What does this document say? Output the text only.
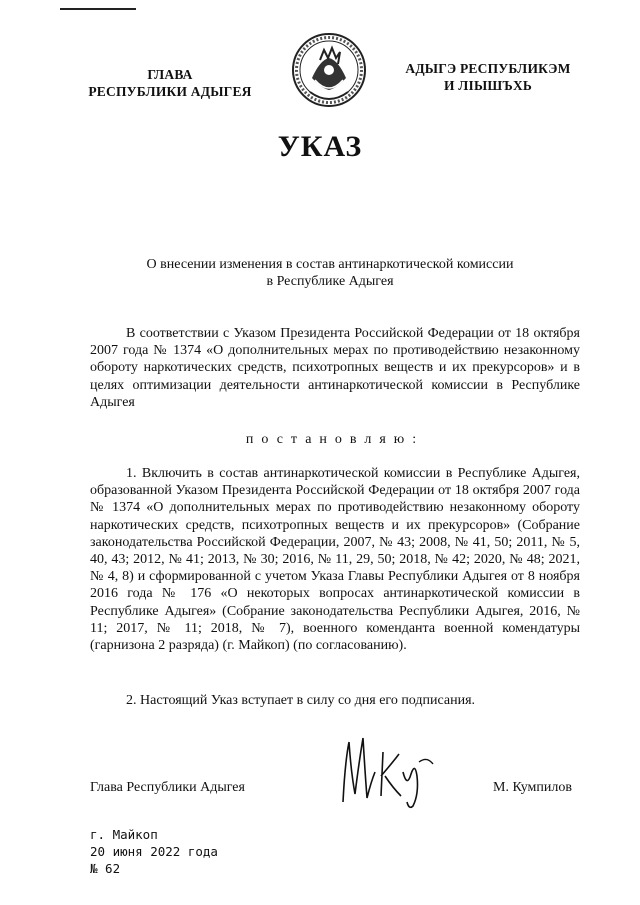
ГЛАВА
РЕСПУБЛИКИ АДЫГЕЯ
АДЫГЭ РЕСПУБЛИКЭМ
И ЛІЫШЪХЬ
УКАЗ
О внесении изменения в состав антинаркотической комиссии
в Республике Адыгея
В соответствии с Указом Президента Российской Федерации от 18 октября 2007 года № 1374 «О дополнительных мерах по противодействию незаконному обороту наркотических средств, психотропных веществ и их прекурсоров» и в целях оптимизации деятельности антинаркотической комиссии в Республике Адыгея
постановляю:
1. Включить в состав антинаркотической комиссии в Республике Адыгея, образованной Указом Президента Российской Федерации от 18 октября 2007 года № 1374 «О дополнительных мерах по противодействию незаконному обороту наркотических средств, психотропных веществ и их прекурсоров» (Собрание законодательства Российской Федерации, 2007, № 43; 2008, № 41, 50; 2011, № 5, 40, 43; 2012, № 41; 2013, № 30; 2016, № 11, 29, 50; 2018, № 42; 2020, № 48; 2021, № 4, 8) и сформированной с учетом Указа Главы Республики Адыгея от 8 ноября 2016 года № 176 «О некоторых вопросах антинаркотической комиссии в Республике Адыгея» (Собрание законодательства Республики Адыгея, 2016, № 11; 2017, № 11; 2018, № 7), военного коменданта военной комендатуры (гарнизона 2 разряда) (г. Майкоп) (по согласованию).
2. Настоящий Указ вступает в силу со дня его подписания.
Глава Республики Адыгея	М. Кумпилов
г. Майкоп
20 июня 2022 года
№ 62
